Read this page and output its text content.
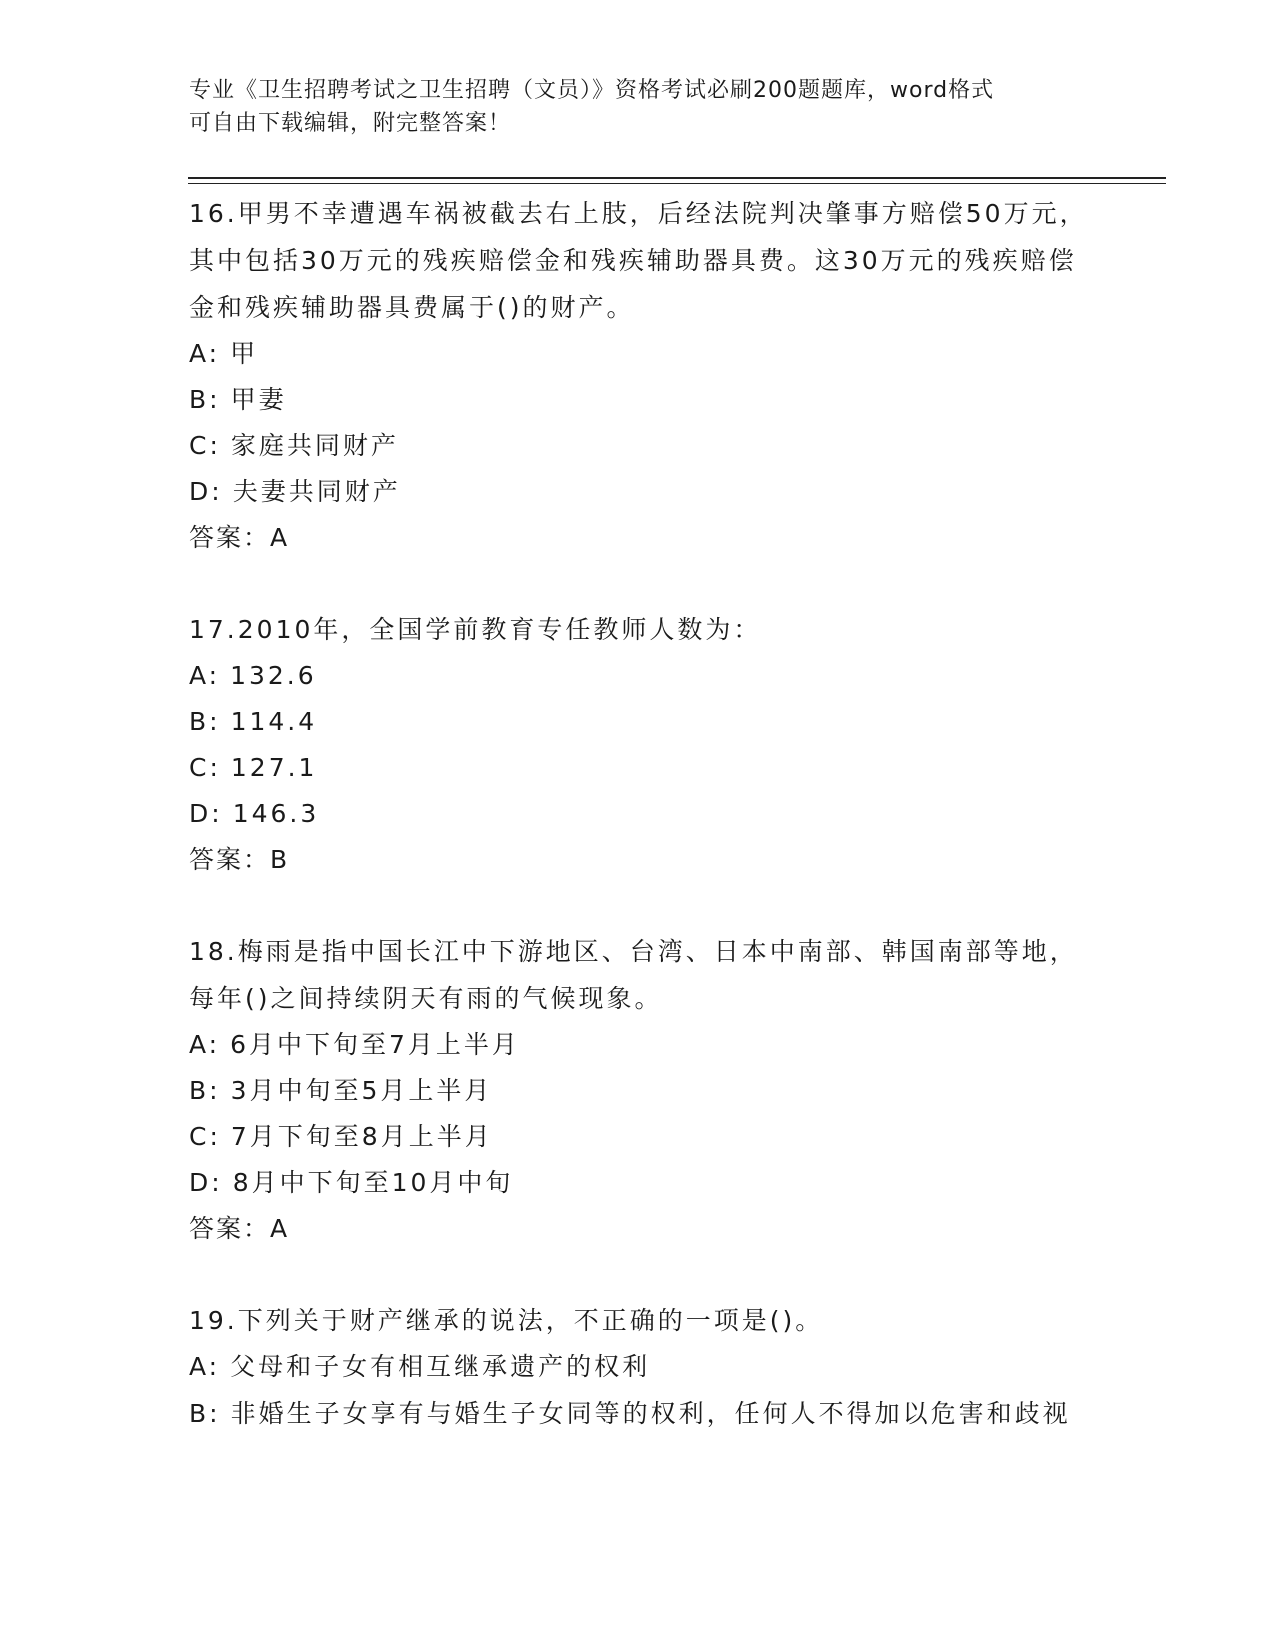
专业《卫生招聘考试之卫生招聘（文员）》资格考试必刷200题题库，word格式
可自由下载编辑，附完整答案！
16.甲男不幸遭遇车祸被截去右上肢，后经法院判决肇事方赔偿50万元，其中包括30万元的残疾赔偿金和残疾辅助器具费。这30万元的残疾赔偿金和残疾辅助器具费属于()的财产。
A: 甲
B: 甲妻
C: 家庭共同财产
D: 夫妻共同财产
答案：A
17.2010年，全国学前教育专任教师人数为：
A: 132.6
B: 114.4
C: 127.1
D: 146.3
答案：B
18.梅雨是指中国长江中下游地区、台湾、日本中南部、韩国南部等地，每年()之间持续阴天有雨的气候现象。
A: 6月中下旬至7月上半月
B: 3月中旬至5月上半月
C: 7月下旬至8月上半月
D: 8月中下旬至10月中旬
答案：A
19.下列关于财产继承的说法，不正确的一项是()。
A: 父母和子女有相互继承遗产的权利
B: 非婚生子女享有与婚生子女同等的权利，任何人不得加以危害和歧视
